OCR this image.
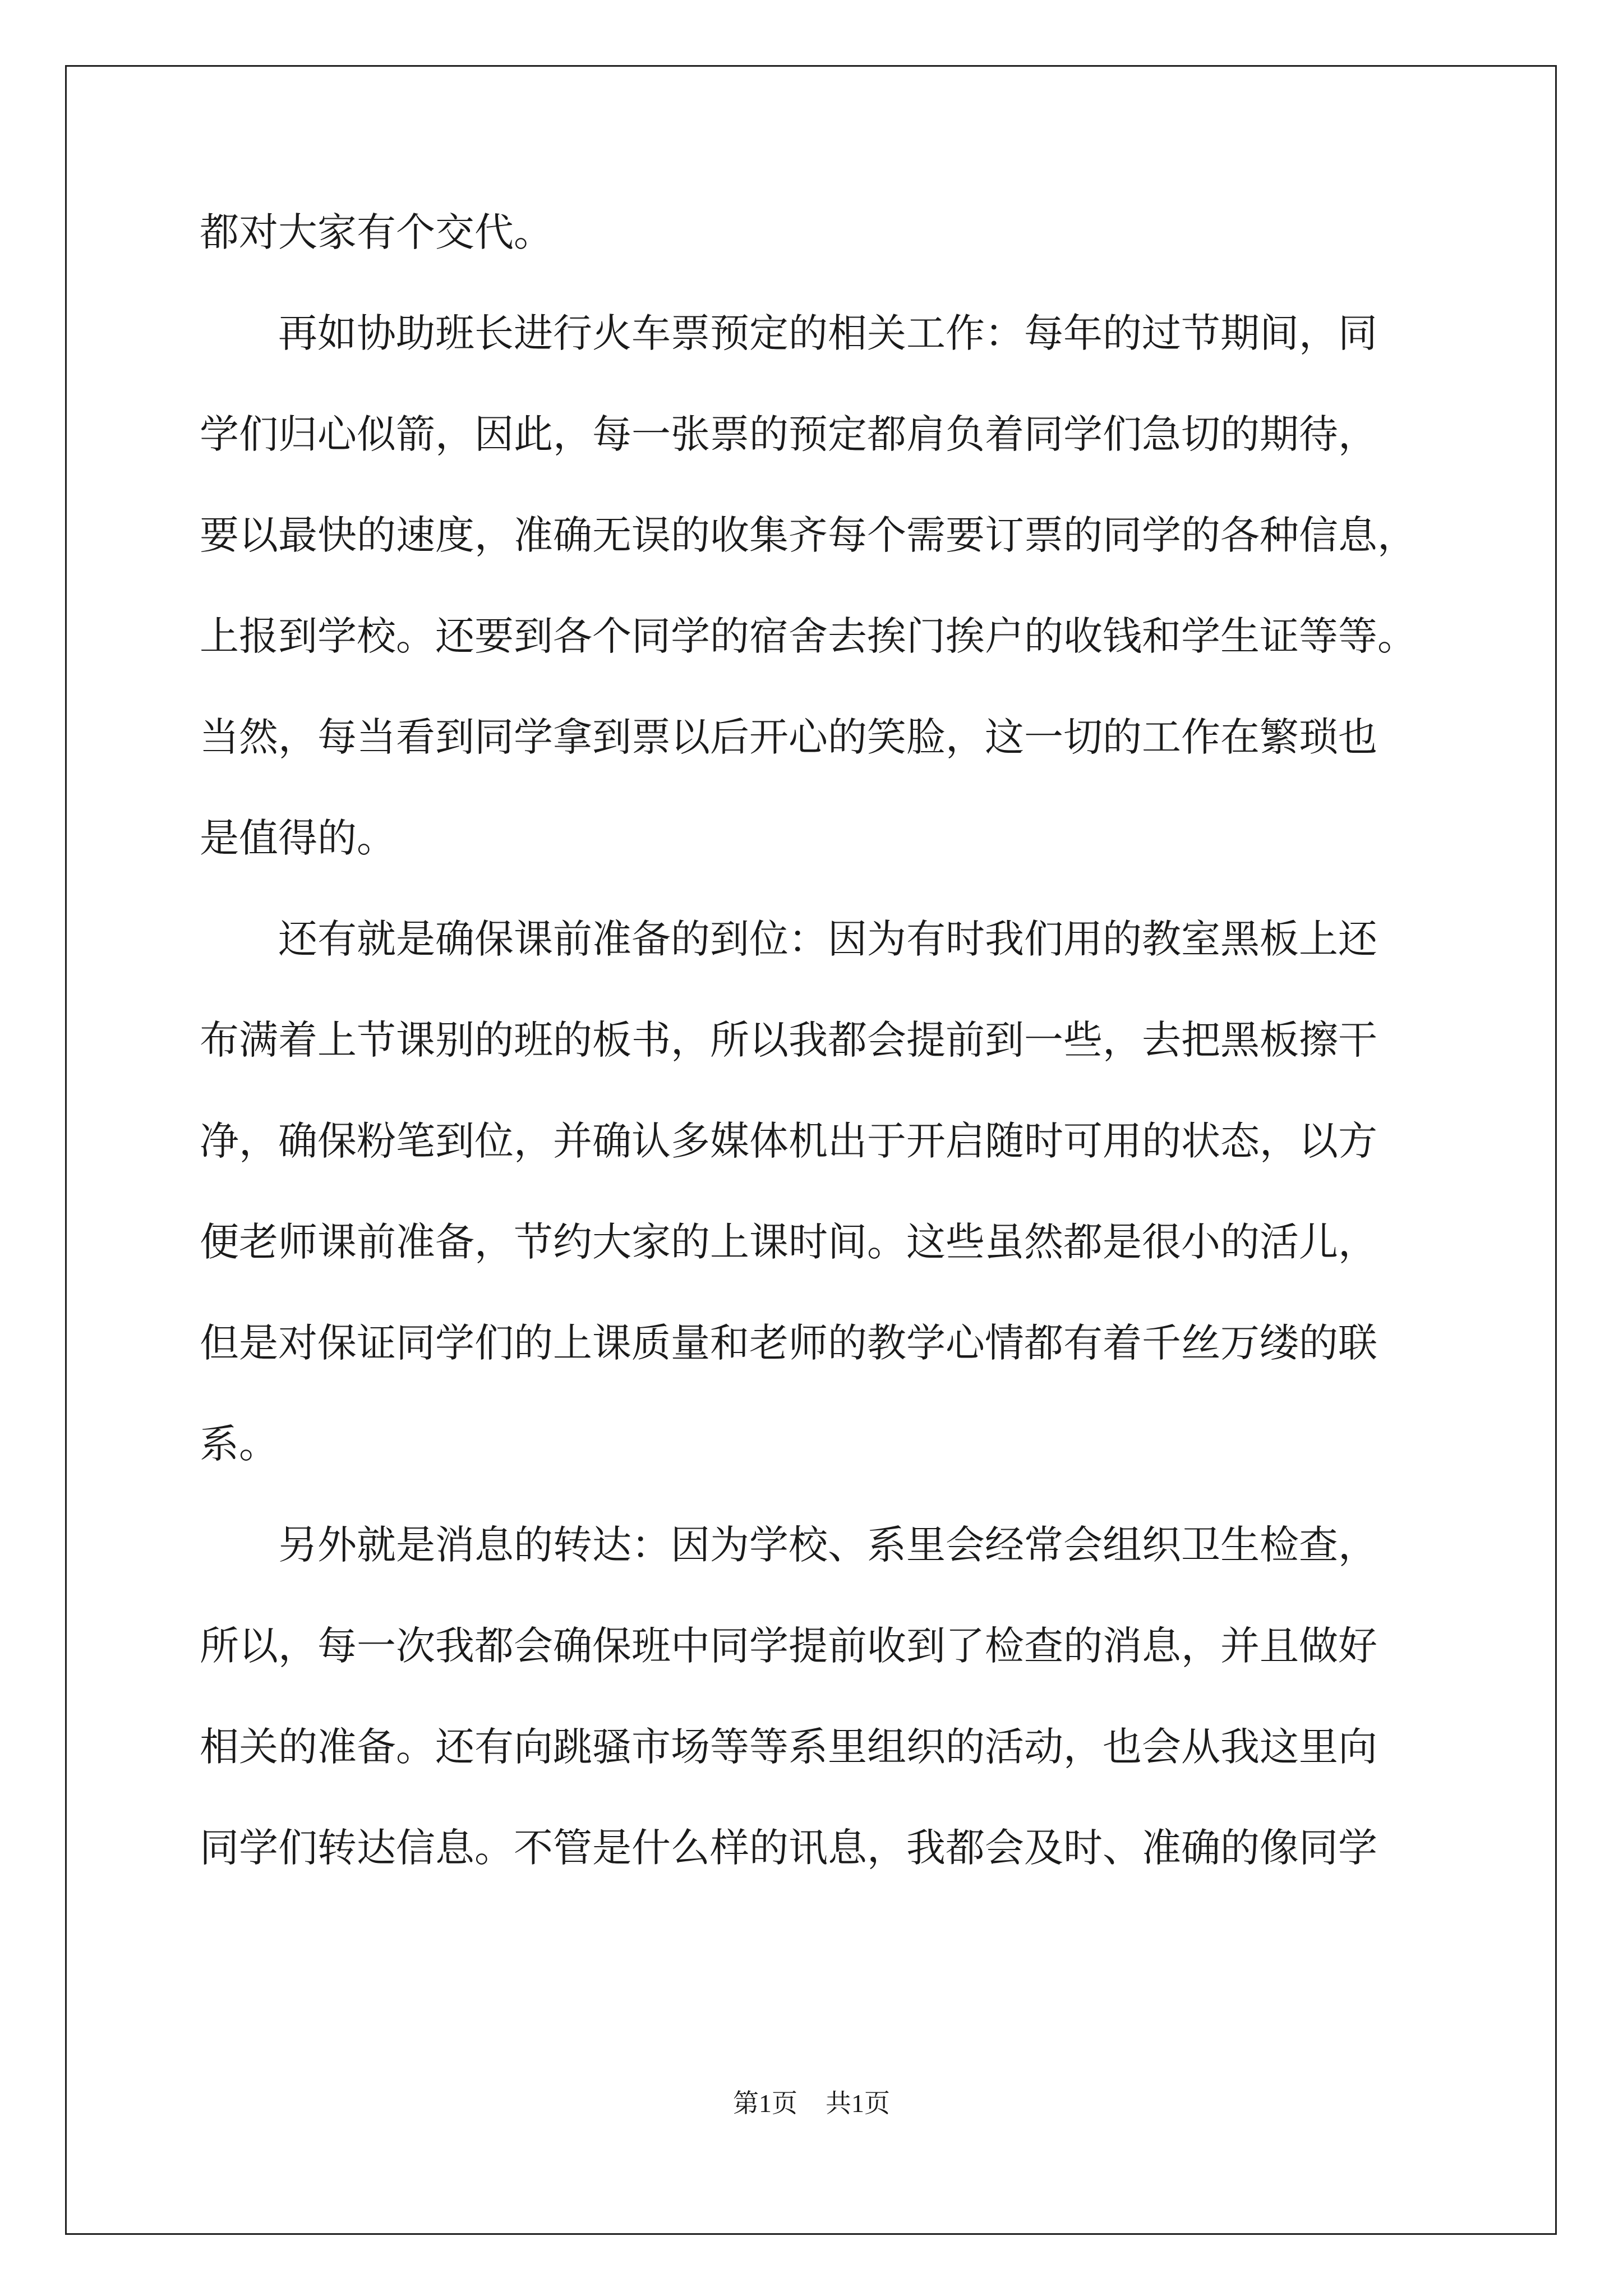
都对大家有个交代。
　　再如协助班长进行火车票预定的相关工作：每年的过节期间，同
学们归心似箭，因此，每一张票的预定都肩负着同学们急切的期待，
要以最快的速度，准确无误的收集齐每个需要订票的同学的各种信息，
上报到学校。还要到各个同学的宿舍去挨门挨户的收钱和学生证等等。
当然，每当看到同学拿到票以后开心的笑脸，这一切的工作在繁琐也
是值得的。
　　还有就是确保课前准备的到位：因为有时我们用的教室黑板上还
布满着上节课别的班的板书，所以我都会提前到一些，去把黑板擦干
净，确保粉笔到位，并确认多媒体机出于开启随时可用的状态，以方
便老师课前准备，节约大家的上课时间。这些虽然都是很小的活儿，
但是对保证同学们的上课质量和老师的教学心情都有着千丝万缕的联
系。
　　另外就是消息的转达：因为学校、系里会经常会组织卫生检查，
所以，每一次我都会确保班中同学提前收到了检查的消息，并且做好
相关的准备。还有向跳骚市场等等系里组织的活动，也会从我这里向
同学们转达信息。不管是什么样的讯息，我都会及时、准确的像同学
第1页 共1页
